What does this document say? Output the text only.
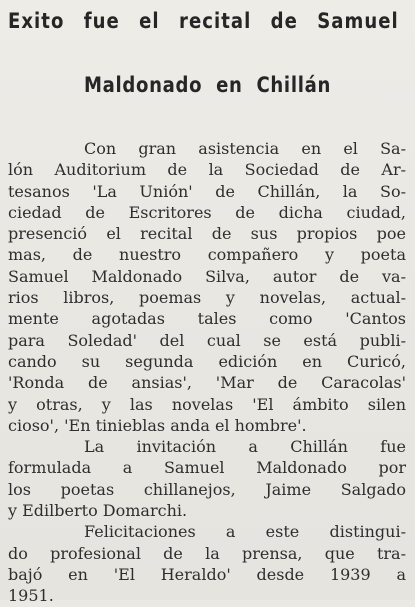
Exito fue el recital de Samuel
Maldonado en Chillán
Con gran asistencia en el Sa-
lón Auditorium de la Sociedad de Ar-
tesanos 'La Unión' de Chillán, la So-
ciedad de Escritores de dicha ciudad,
presenció el recital de sus propios poe
mas, de nuestro compañero y poeta
Samuel Maldonado Silva, autor de va-
rios libros, poemas y novelas, actual-
mente agotadas tales como 'Cantos
para Soledad' del cual se está publi-
cando su segunda edición en Curicó,
'Ronda de ansias', 'Mar de Caracolas'
y otras, y las novelas 'El ámbito silen
cioso', 'En tinieblas anda el hombre'.
La invitación a Chillán fue
formulada a Samuel Maldonado por
los poetas chillanejos, Jaime Salgado
y Edilberto Domarchi.
Felicitaciones a este distingui-
do profesional de la prensa, que tra-
bajó en 'El Heraldo' desde 1939 a
1951.
